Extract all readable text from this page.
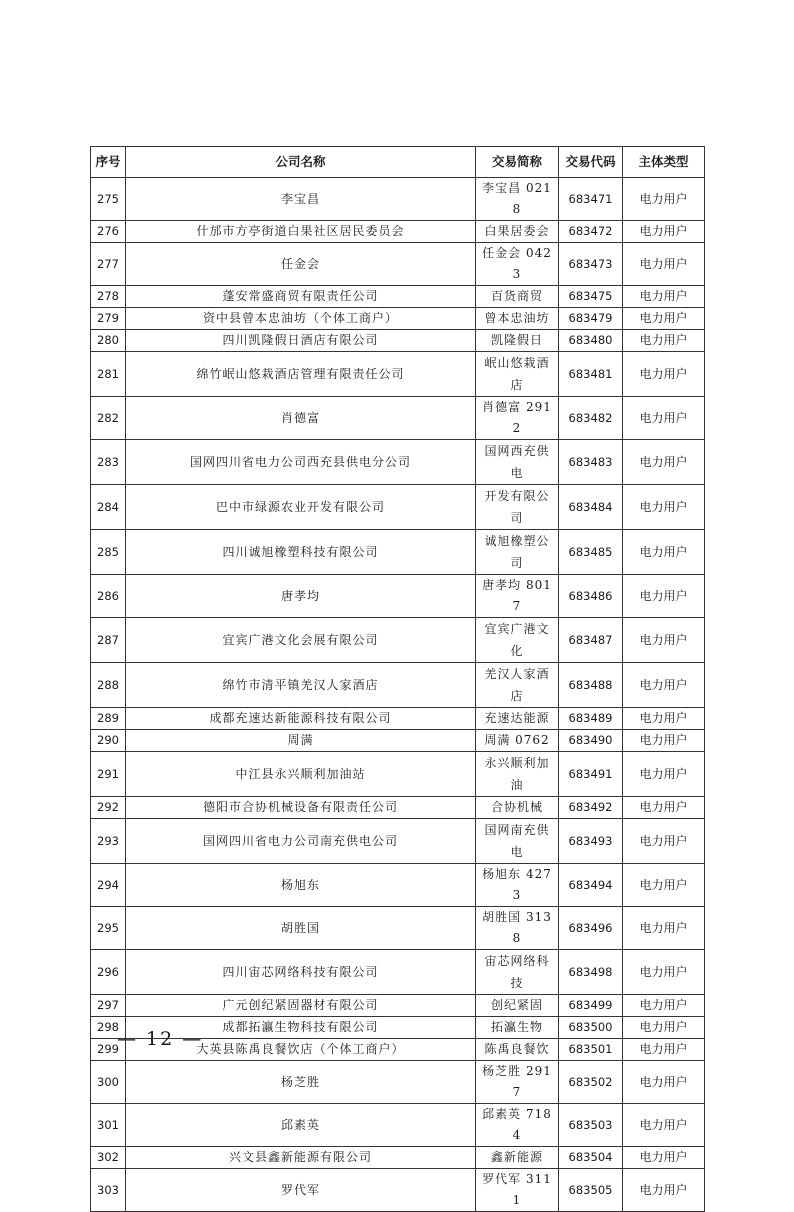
序号	公司名称	交易简称	交易代码	主体类型
275	李宝昌	李宝昌 0218	683471	电力用户
276	什邡市方亭街道白果社区居民委员会	白果居委会	683472	电力用户
277	任金会	任金会 0423	683473	电力用户
278	蓬安常盛商贸有限责任公司	百货商贸	683475	电力用户
279	资中县曾本忠油坊（个体工商户）	曾本忠油坊	683479	电力用户
280	四川凯隆假日酒店有限公司	凯隆假日	683480	电力用户
281	绵竹岷山悠栽酒店管理有限责任公司	岷山悠栽酒店	683481	电力用户
282	肖德富	肖德富 2912	683482	电力用户
283	国网四川省电力公司西充县供电分公司	国网西充供电	683483	电力用户
284	巴中市绿源农业开发有限公司	开发有限公司	683484	电力用户
285	四川诚旭橡塑科技有限公司	诚旭橡塑公司	683485	电力用户
286	唐孝均	唐孝均 8017	683486	电力用户
287	宜宾广港文化会展有限公司	宜宾广港文化	683487	电力用户
288	绵竹市清平镇羌汉人家酒店	羌汉人家酒店	683488	电力用户
289	成都充速达新能源科技有限公司	充速达能源	683489	电力用户
290	周满	周满 0762	683490	电力用户
291	中江县永兴顺利加油站	永兴顺利加油	683491	电力用户
292	德阳市合协机械设备有限责任公司	合协机械	683492	电力用户
293	国网四川省电力公司南充供电公司	国网南充供电	683493	电力用户
294	杨旭东	杨旭东 4273	683494	电力用户
295	胡胜国	胡胜国 3138	683496	电力用户
296	四川宙芯网络科技有限公司	宙芯网络科技	683498	电力用户
297	广元创纪紧固器材有限公司	创纪紧固	683499	电力用户
298	成都拓瀛生物科技有限公司	拓瀛生物	683500	电力用户
299	大英县陈禹良餐饮店（个体工商户）	陈禹良餐饮	683501	电力用户
300	杨芝胜	杨芝胜 2917	683502	电力用户
301	邱素英	邱素英 7184	683503	电力用户
302	兴文县鑫新能源有限公司	鑫新能源	683504	电力用户
303	罗代军	罗代军 3111	683505	电力用户
— 12 —
